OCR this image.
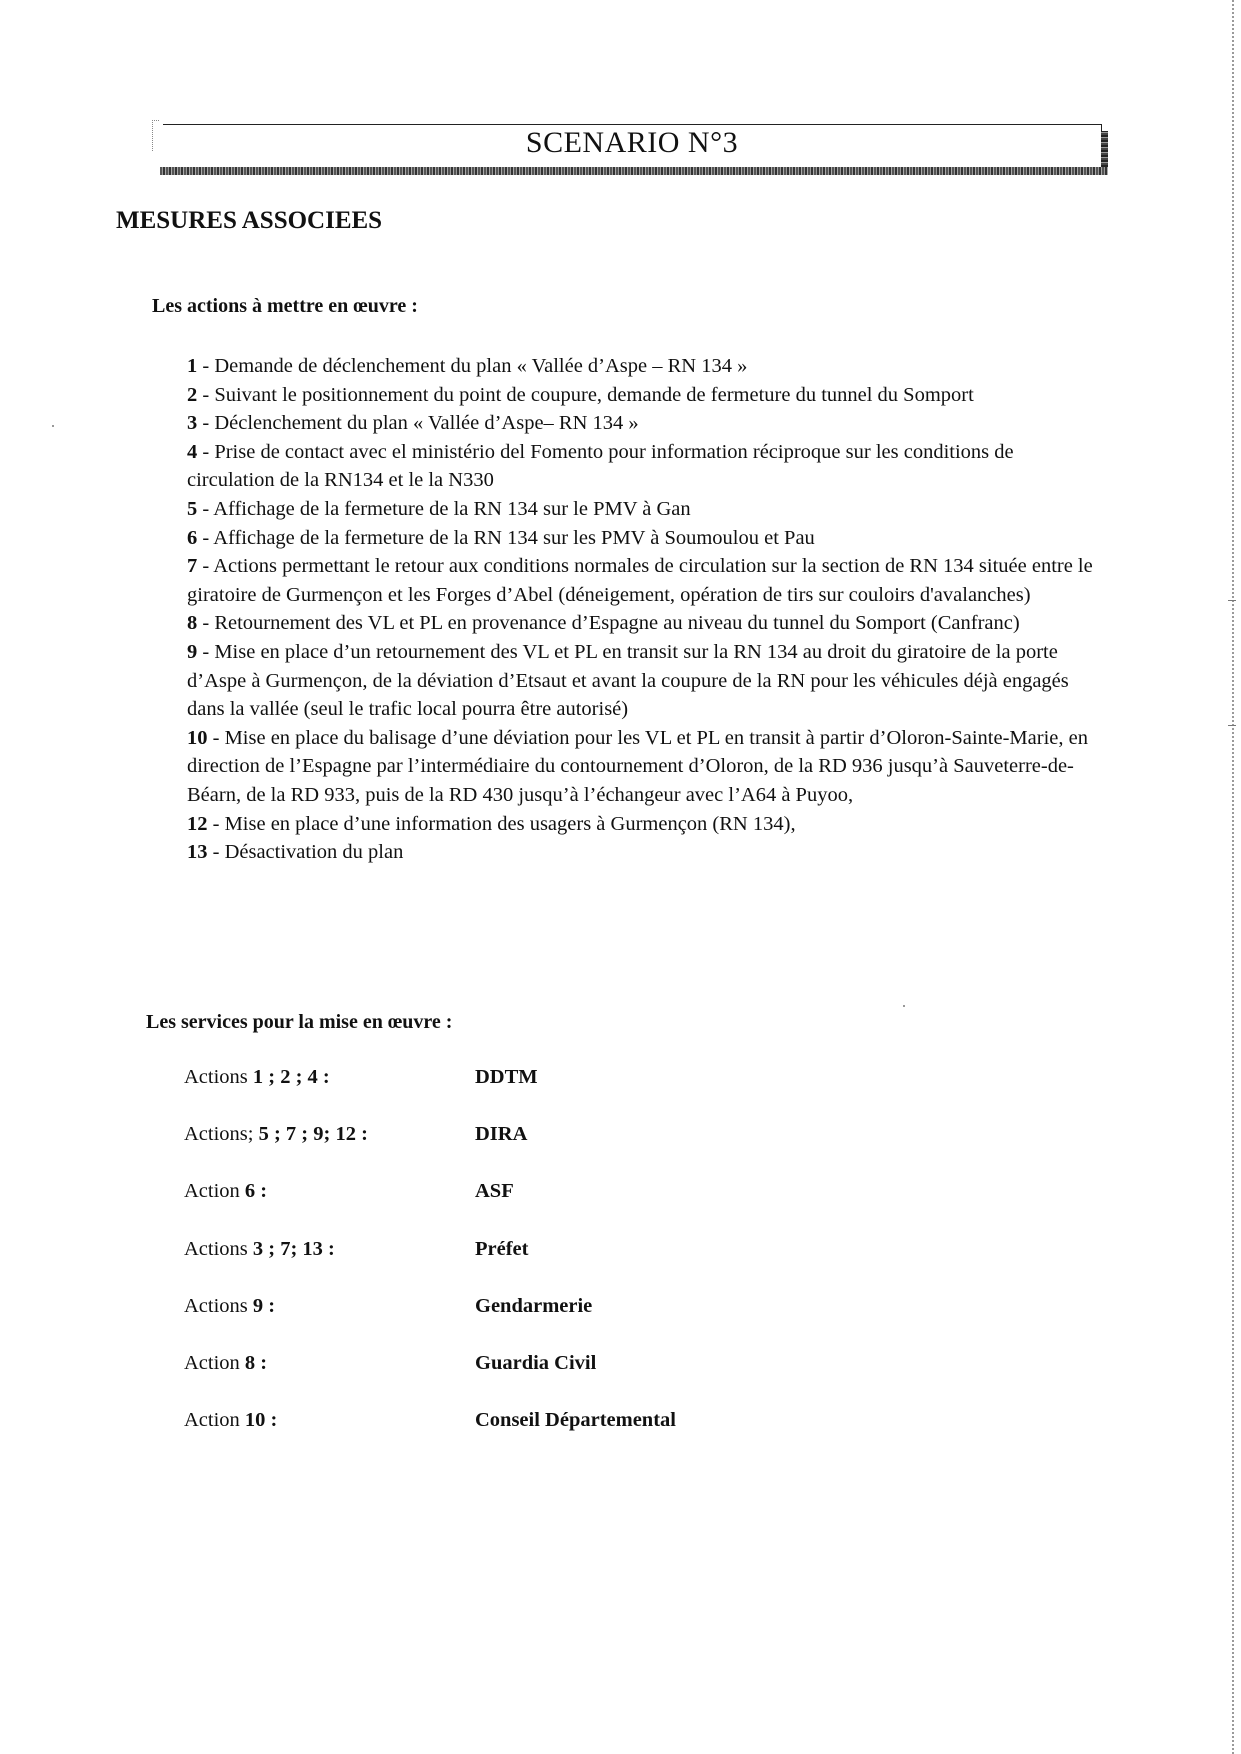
SCENARIO N°3
MESURES ASSOCIEES
Les actions à mettre en œuvre :
1 - Demande de déclenchement du plan « Vallée d’Aspe – RN 134 »
2 - Suivant le positionnement du point de coupure, demande de fermeture du tunnel du Somport
3 - Déclenchement du plan « Vallée d’Aspe– RN 134 »
4 - Prise de contact avec el ministério del Fomento pour information réciproque sur les conditions de circulation de la RN134 et le la N330
5 - Affichage de la fermeture de la RN 134 sur le PMV à Gan
6 - Affichage de la fermeture de la RN 134 sur les PMV à Soumoulou et Pau
7 - Actions permettant le retour aux conditions normales de circulation sur la section de RN 134 située entre le giratoire de Gurmençon et les Forges d’Abel (déneigement, opération de tirs sur couloirs d'avalanches)
8 - Retournement des VL et PL en provenance d’Espagne au niveau du tunnel du Somport (Canfranc)
9 - Mise en place d’un retournement des VL et PL en transit sur la RN 134 au droit du giratoire de la porte d’Aspe à Gurmençon, de la déviation d’Etsaut et avant la coupure de la RN pour les véhicules déjà engagés dans la vallée (seul le trafic local pourra être autorisé)
10 - Mise en place du balisage d’une déviation pour les VL et PL en transit à partir d’Oloron-Sainte-Marie, en direction de l’Espagne par l’intermédiaire du contournement d’Oloron, de la RD 936 jusqu’à Sauveterre-de-Béarn, de la RD 933, puis de la RD 430 jusqu’à l’échangeur avec l’A64 à Puyoo,
12 - Mise en place d’une information des usagers à Gurmençon (RN 134),
13 - Désactivation du plan
Les services pour la mise en œuvre :
Actions 1 ; 2 ; 4 :	DDTM
Actions; 5 ; 7 ; 9; 12 :	DIRA
Action 6 :	ASF
Actions 3 ; 7; 13 :	Préfet
Actions 9 :	Gendarmerie
Action 8 :	Guardia Civil
Action 10 :	Conseil Départemental
